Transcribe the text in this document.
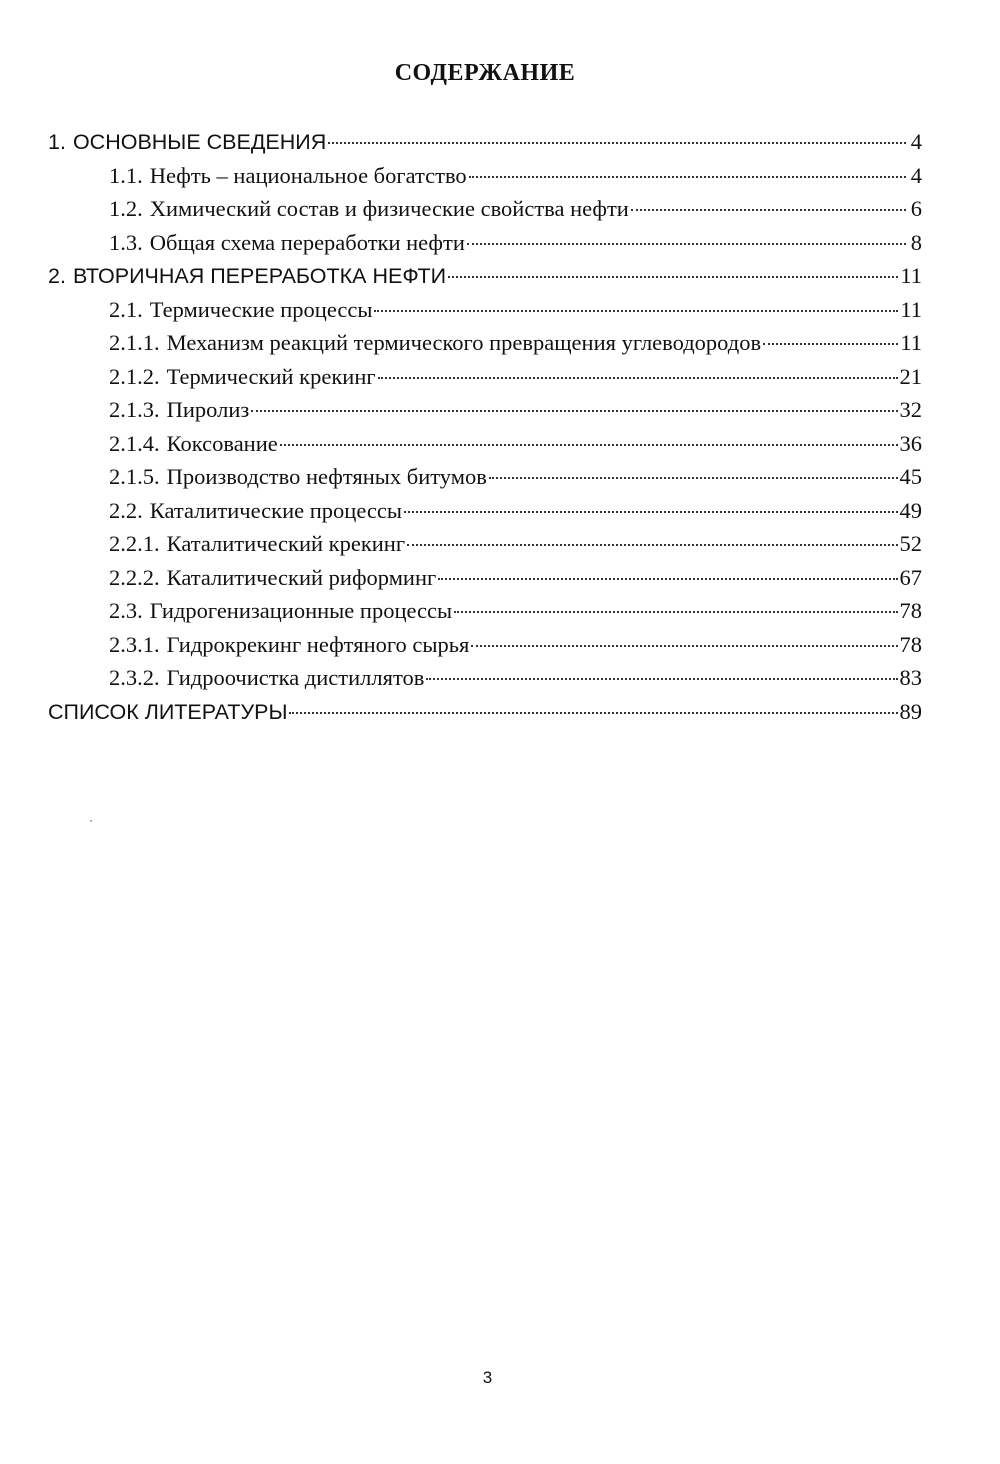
СОДЕРЖАНИЕ
1. ОСНОВНЫЕ СВЕДЕНИЯ	4
1.1. Нефть – национальное богатство	4
1.2. Химический состав и физические свойства нефти	6
1.3. Общая схема переработки нефти	8
2. ВТОРИЧНАЯ ПЕРЕРАБОТКА НЕФТИ	11
2.1. Термические процессы	11
2.1.1. Механизм реакций термического превращения углеводородов	11
2.1.2. Термический крекинг	21
2.1.3. Пиролиз	32
2.1.4. Коксование	36
2.1.5. Производство нефтяных битумов	45
2.2. Каталитические процессы	49
2.2.1. Каталитический крекинг	52
2.2.2. Каталитический риформинг	67
2.3. Гидрогенизационные процессы	78
2.3.1. Гидрокрекинг нефтяного сырья	78
2.3.2. Гидроочистка дистиллятов	83
СПИСОК ЛИТЕРАТУРЫ	89
3
